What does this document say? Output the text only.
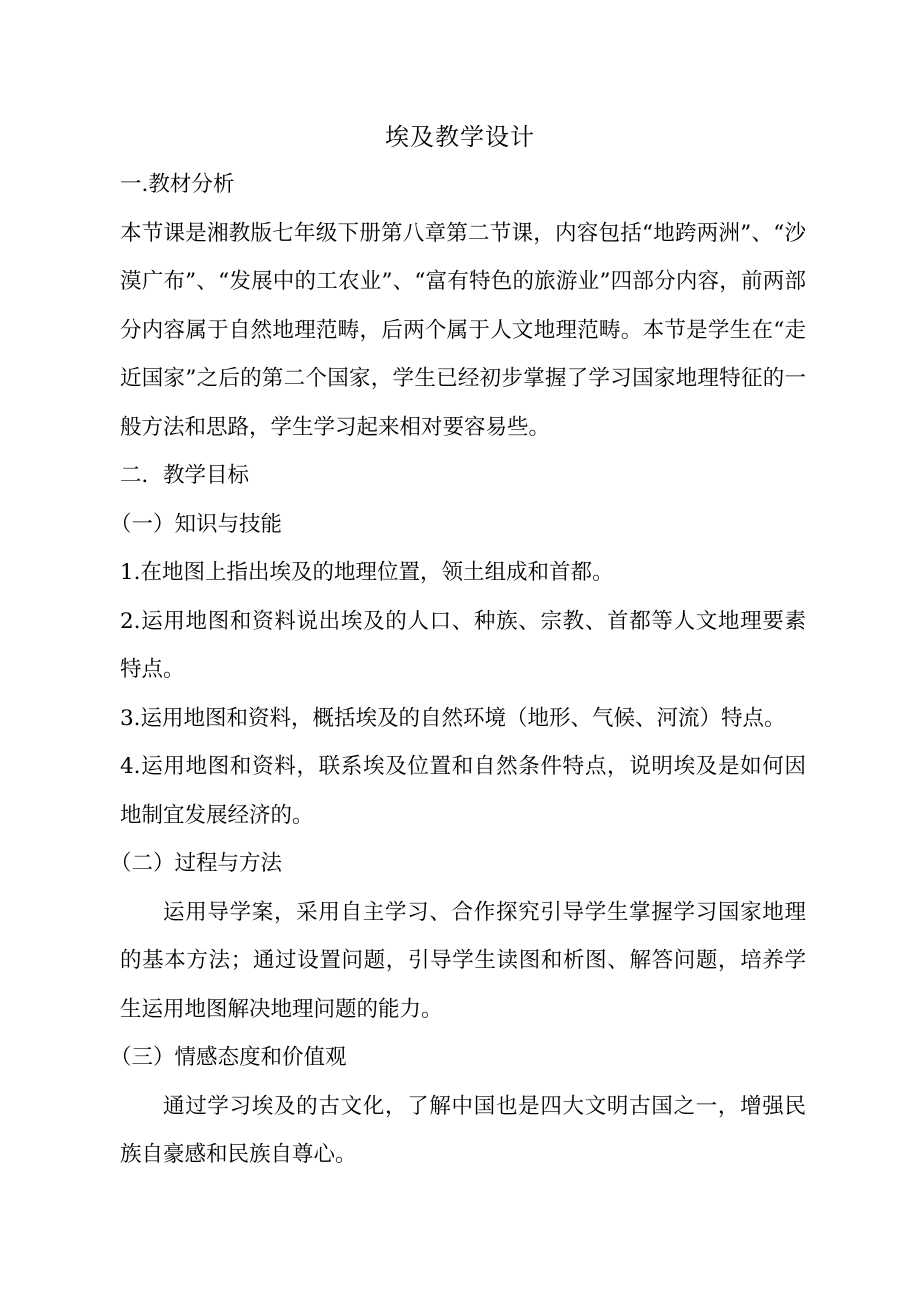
埃及教学设计

一.教材分析

本节课是湘教版七年级下册第八章第二节课，内容包括“地跨两洲”、“沙漠广布”、“发展中的工农业”、“富有特色的旅游业”四部分内容，前两部分内容属于自然地理范畴，后两个属于人文地理范畴。本节是学生在“走近国家”之后的第二个国家，学生已经初步掌握了学习国家地理特征的一般方法和思路，学生学习起来相对要容易些。

二．教学目标

（一）知识与技能

1.在地图上指出埃及的地理位置，领土组成和首都。

2.运用地图和资料说出埃及的人口、种族、宗教、首都等人文地理要素特点。

3.运用地图和资料，概括埃及的自然环境（地形、气候、河流）特点。

4.运用地图和资料，联系埃及位置和自然条件特点，说明埃及是如何因地制宜发展经济的。

（二）过程与方法

运用导学案，采用自主学习、合作探究引导学生掌握学习国家地理的基本方法；通过设置问题，引导学生读图和析图、解答问题，培养学生运用地图解决地理问题的能力。

（三）情感态度和价值观

通过学习埃及的古文化，了解中国也是四大文明古国之一，增强民族自豪感和民族自尊心。
